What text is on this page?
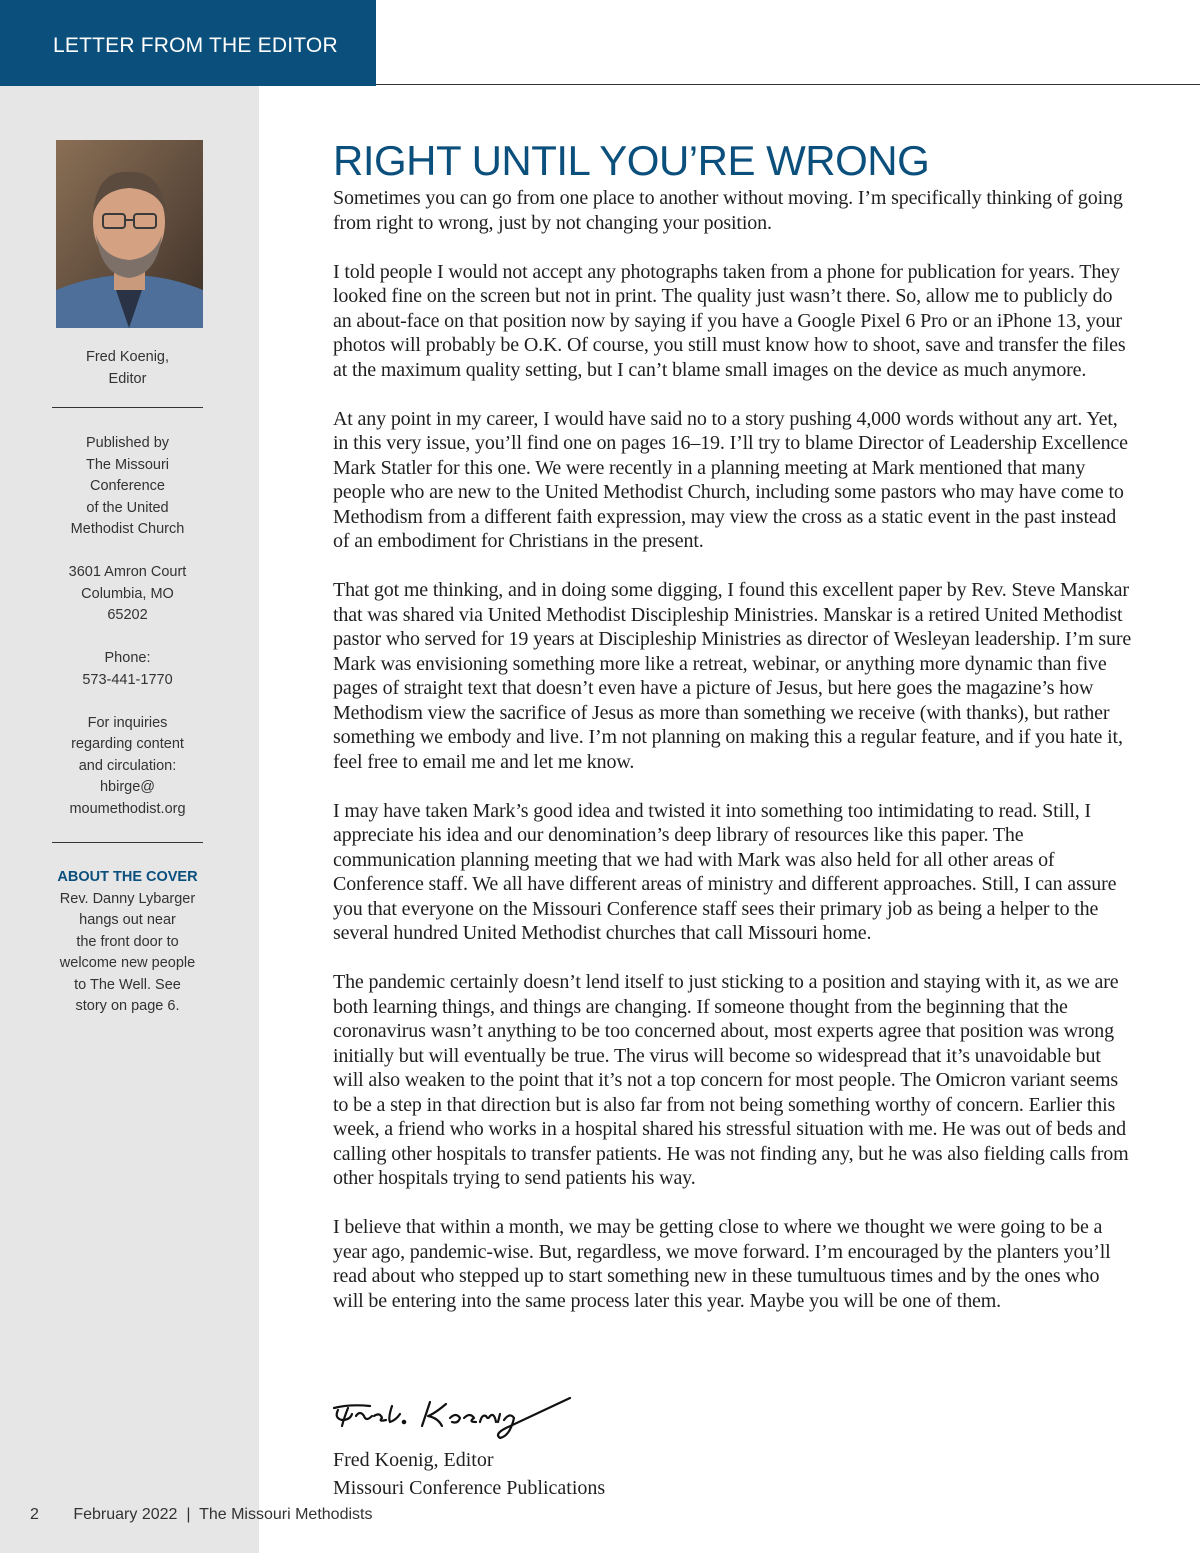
LETTER FROM THE EDITOR
Fred Koenig,
Editor
Published by
The Missouri
Conference
of the United
Methodist Church
3601 Amron Court
Columbia, MO
65202
Phone:
573-441-1770
For inquiries
regarding content
and circulation:
hbirge@
moumethodist.org
ABOUT THE COVER
Rev. Danny Lybarger
hangs out near
the front door to
welcome new people
to The Well. See
story on page 6.
RIGHT UNTIL YOU’RE WRONG

Sometimes you can go from one place to another without moving. I’m specifically thinking of going from right to wrong, just by not changing your position.

I told people I would not accept any photographs taken from a phone for publication for years. They looked fine on the screen but not in print. The quality just wasn’t there. So, allow me to publicly do an about-face on that position now by saying if you have a Google Pixel 6 Pro or an iPhone 13, your photos will probably be O.K. Of course, you still must know how to shoot, save and transfer the files at the maximum quality setting, but I can’t blame small images on the device as much anymore.

At any point in my career, I would have said no to a story pushing 4,000 words without any art. Yet, in this very issue, you’ll find one on pages 16–19. I’ll try to blame Director of Leadership Excellence Mark Statler for this one. We were recently in a planning meeting at Mark mentioned that many people who are new to the United Methodist Church, including some pastors who may have come to Methodism from a different faith expression, may view the cross as a static event in the past instead of an embodiment for Christians in the present.

That got me thinking, and in doing some digging, I found this excellent paper by Rev. Steve Manskar that was shared via United Methodist Discipleship Ministries. Manskar is a retired United Methodist pastor who served for 19 years at Discipleship Ministries as director of Wesleyan leadership. I’m sure Mark was envisioning something more like a retreat, webinar, or anything more dynamic than five pages of straight text that doesn’t even have a picture of Jesus, but here goes the magazine’s how Methodism view the sacrifice of Jesus as more than something we receive (with thanks), but rather something we embody and live. I’m not planning on making this a regular feature, and if you hate it, feel free to email me and let me know.

I may have taken Mark’s good idea and twisted it into something too intimidating to read. Still, I appreciate his idea and our denomination’s deep library of resources like this paper. The communication planning meeting that we had with Mark was also held for all other areas of Conference staff. We all have different areas of ministry and different approaches. Still, I can assure you that everyone on the Missouri Conference staff sees their primary job as being a helper to the several hundred United Methodist churches that call Missouri home.

The pandemic certainly doesn’t lend itself to just sticking to a position and staying with it, as we are both learning things, and things are changing. If someone thought from the beginning that the coronavirus wasn’t anything to be too concerned about, most experts agree that position was wrong initially but will eventually be true. The virus will become so widespread that it’s unavoidable but will also weaken to the point that it’s not a top concern for most people. The Omicron variant seems to be a step in that direction but is also far from not being something worthy of concern. Earlier this week, a friend who works in a hospital shared his stressful situation with me. He was out of beds and calling other hospitals to transfer patients. He was not finding any, but he was also fielding calls from other hospitals trying to send patients his way.

I believe that within a month, we may be getting close to where we thought we were going to be a year ago, pandemic-wise. But, regardless, we move forward. I’m encouraged by the planters you’ll read about who stepped up to start something new in these tumultuous times and by the ones who will be entering into the same process later this year. Maybe you will be one of them.

Fred Koenig, Editor
Missouri Conference Publications
2 February 2022  |  The Missouri Methodists
